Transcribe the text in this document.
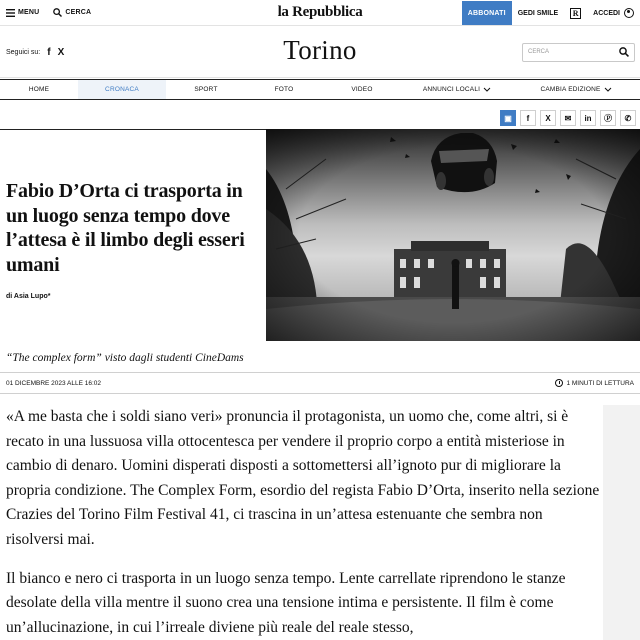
MENU	CERCA	la Repubblica	ABBONATI	GEDI SMILE	R	ACCEDI
Seguici su: f X	Torino	CERCA
HOME	CRONACA	SPORT	FOTO	VIDEO	ANNUNCI LOCALI	CAMBIA EDIZIONE
▣	f	X	✉	in	Ⓟ	✆
Fabio D’Orta ci trasporta in un luogo senza tempo dove l’attesa è il limbo degli esseri umani
di Asia Lupo*
“The complex form” visto dagli studenti CineDams
01 DICEMBRE 2023 ALLE 16:02	1 MINUTI DI LETTURA

«A me basta che i soldi siano veri» pronuncia il protagonista, un uomo che, come altri, si è recato in una lussuosa villa ottocentesca per vendere il proprio corpo a entità misteriose in cambio di denaro. Uomini disperati disposti a sottomettersi all’ignoto pur di migliorare la propria condizione. The Complex Form, esordio del regista Fabio D’Orta, inserito nella sezione Crazies del Torino Film Festival 41, ci trascina in un’attesa estenuante che sembra non risolversi mai.

Il bianco e nero ci trasporta in un luogo senza tempo. Lente carrellate riprendono le stanze desolate della villa mentre il suono crea una tensione intima e persistente. Il film è come un’allucinazione, in cui l’irreale diviene più reale del reale stesso,
